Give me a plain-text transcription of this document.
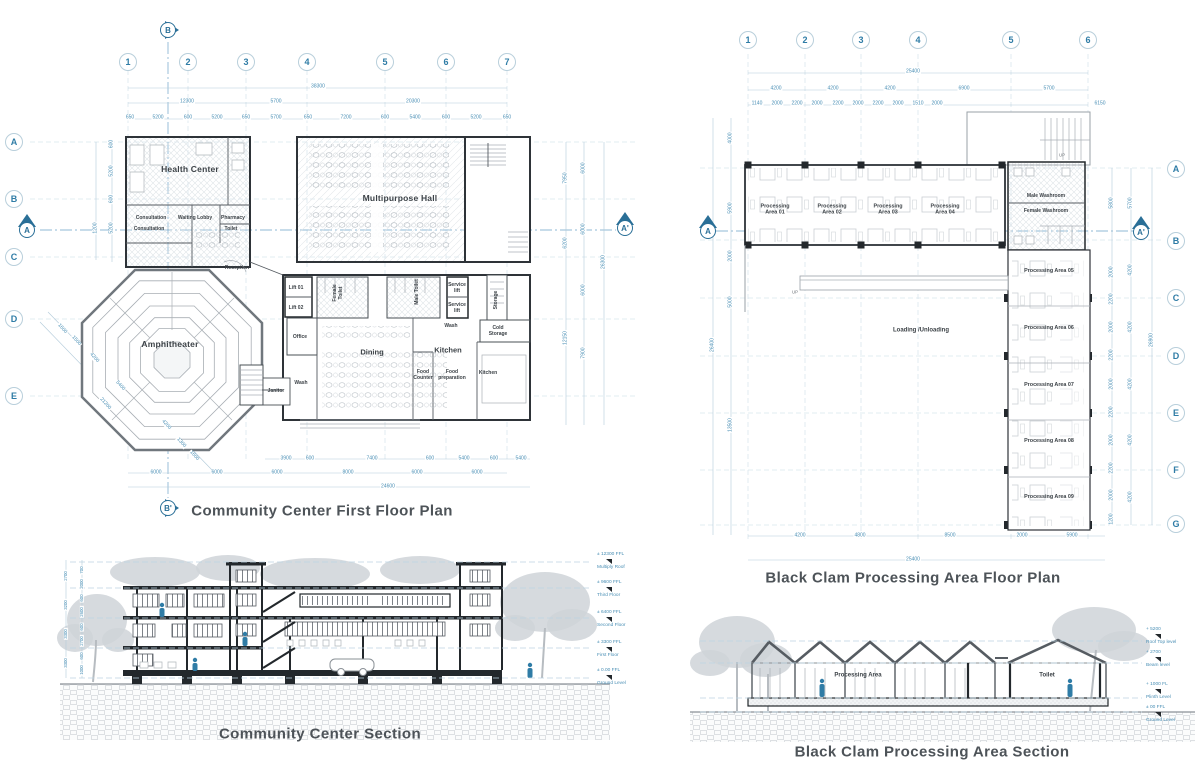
1	2	3	4	5	6	7
A
B
C
D
E
B
B'
A	A'
38300
12300	5700	20300
650	5200	600	5200	650	5700	650	7200	600	5400	600	5200	650
600
5200
600
1200 5200
7950
6200
12150
6000
6000
6000
7900
26300
1600
1500
4200
5400
21200
4200
1300
1600	3900	600	7400	600	5400	600	5400
6000	6000	6000	8000	6000	6000
24600
Health Center
Multipurpose Hall
Amphitheater
Dining	Kitchen
Consultation
Consultation
Waiting Lobby Pharmacy
Toilet
Reception
Lift 01
Lift 02
Office
Female
Toilet	Male Toilet	Service
lift
Service
lift
Storage
Wash	Cold
Storage
Food
Counter
Food
preparation
Kitchen
Wash
Janitor
1	2	3	4	5	6
A
B
C
D
E
F
G
A	A'
25400
4200	4200	4200	6900	5700
1140 2000 2200 2000 2200 2000 2200 2000 1510 2000	6150
4000
5900
2000
5000
13500
26400
5800
2000
2200
2000
2200
2000
2200
2000
2200
2000
1200
5700
4200
4200
4200
4200
4200
26900
4200	4800	8500	2000	5900
25400
Processing
Area 01
Processing
Area 02
Processing
Area 03
Processing
Area 04
Male Washroom
Female Washroom
Processing Area 05
Processing Area 06
Processing Area 07
Processing Area 08
Processing Area 09
Loading /Unloading
UP
UP
2700
3200
3300
3300
700
2000
600
2600
600
2700
600
1000
± 12300 FFL
Multiply Roof
± 9600 FFL
Third Floor
± 6400 FFL
Second Floor
± 3300 FFL
First Floor
± 0.00 FFL
Ground Level
Processing Area	Toilet
+ 5200
Roof Top level
+ 2700
Beam level
+ 1000 FL
Plinth Level
± 00 FFL
Ground Level
Community Center First Floor Plan
Black Clam Processing Area Floor Plan
Community Center Section
Black Clam Processing Area Section
